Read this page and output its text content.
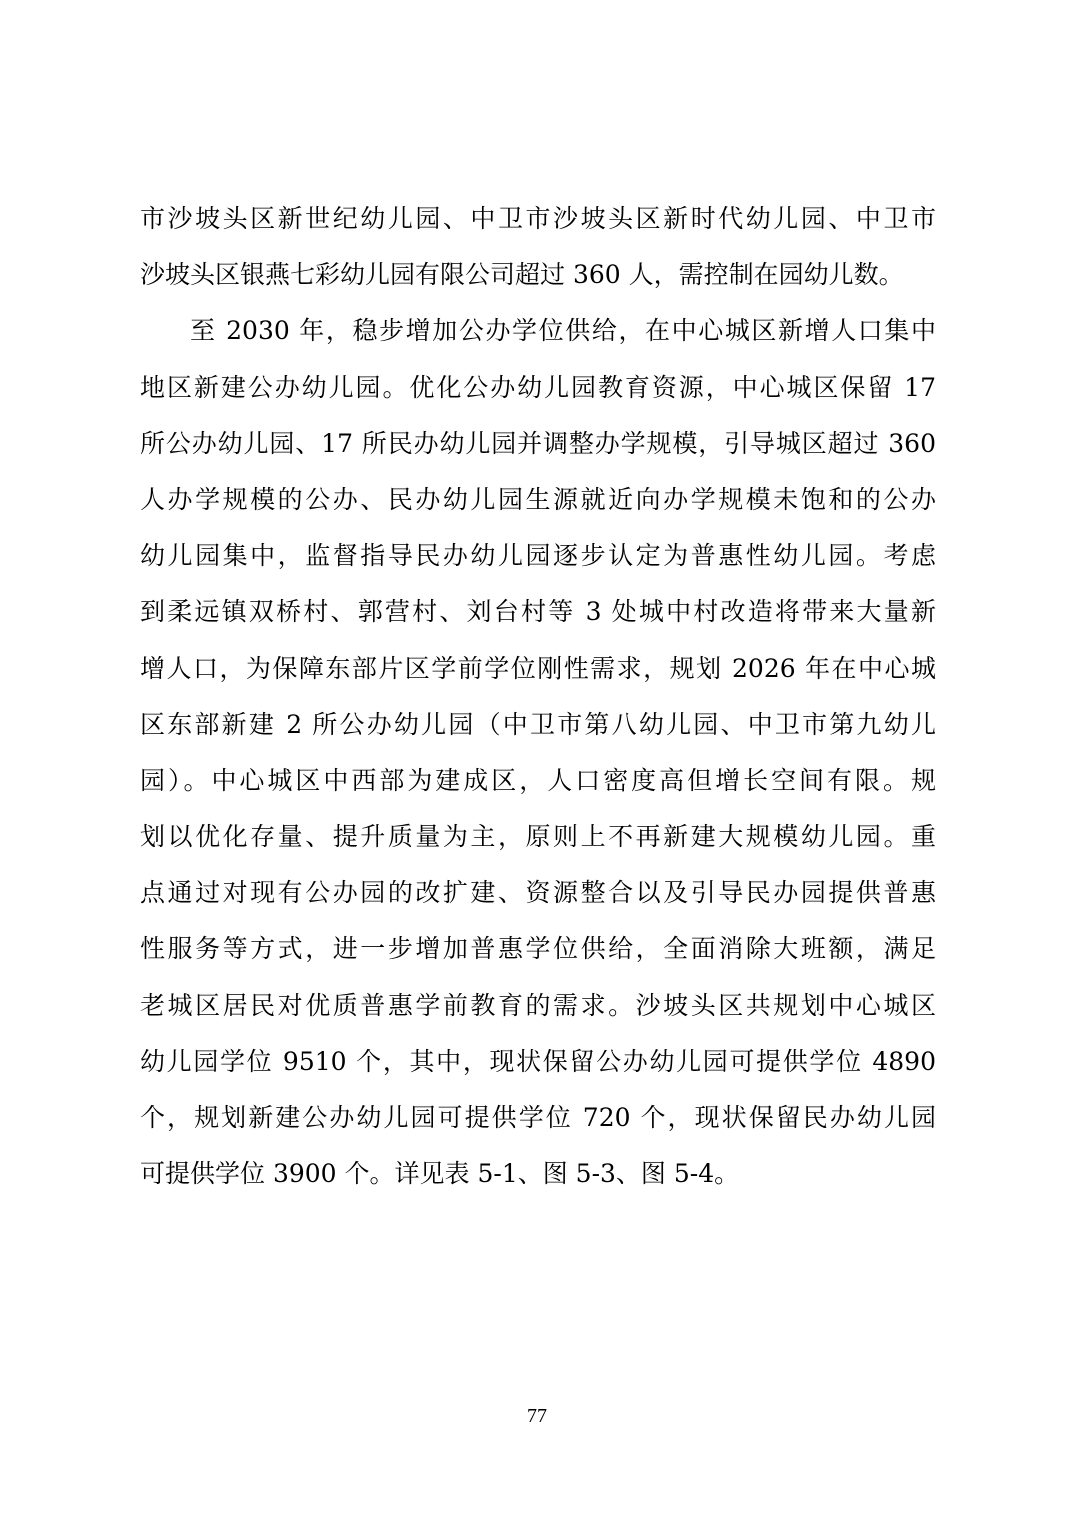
市沙坡头区新世纪幼儿园、中卫市沙坡头区新时代幼儿园、中卫市
沙坡头区银燕七彩幼儿园有限公司超过 360 人，需控制在园幼儿数。
至 2030 年，稳步增加公办学位供给，在中心城区新增人口集中
地区新建公办幼儿园。优化公办幼儿园教育资源，中心城区保留 17
所公办幼儿园、17 所民办幼儿园并调整办学规模，引导城区超过 360
人办学规模的公办、民办幼儿园生源就近向办学规模未饱和的公办
幼儿园集中，监督指导民办幼儿园逐步认定为普惠性幼儿园。考虑
到柔远镇双桥村、郭营村、刘台村等 3 处城中村改造将带来大量新
增人口，为保障东部片区学前学位刚性需求，规划 2026 年在中心城
区东部新建 2 所公办幼儿园（中卫市第八幼儿园、中卫市第九幼儿
园）。中心城区中西部为建成区，人口密度高但增长空间有限。规
划以优化存量、提升质量为主，原则上不再新建大规模幼儿园。重
点通过对现有公办园的改扩建、资源整合以及引导民办园提供普惠
性服务等方式，进一步增加普惠学位供给，全面消除大班额，满足
老城区居民对优质普惠学前教育的需求。沙坡头区共规划中心城区
幼儿园学位 9510 个，其中，现状保留公办幼儿园可提供学位 4890
个，规划新建公办幼儿园可提供学位 720 个，现状保留民办幼儿园
可提供学位 3900 个。详见表 5-1、图 5-3、图 5-4。
77
